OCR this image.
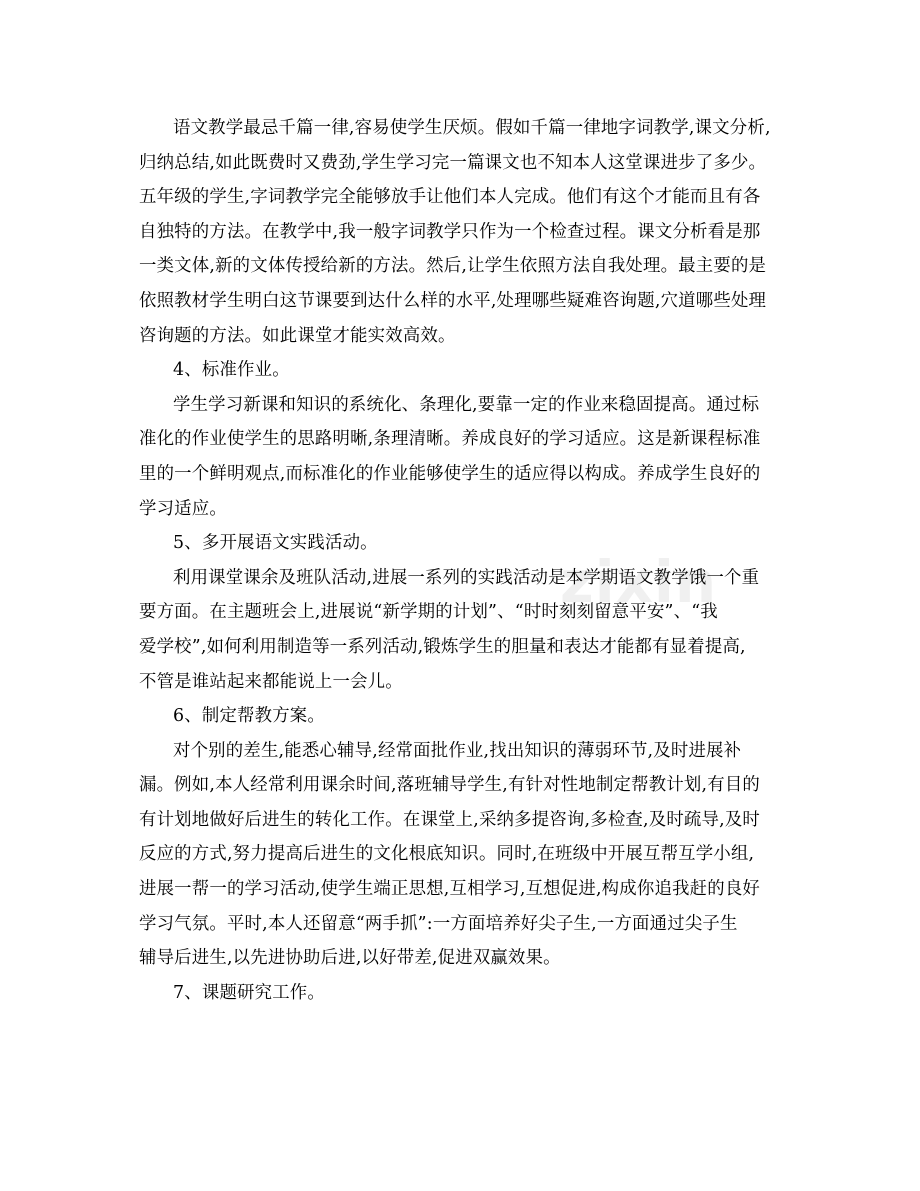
zixin
语文教学最忌千篇一律,容易使学生厌烦。假如千篇一律地字词教学,课文分析,
归纳总结,如此既费时又费劲,学生学习完一篇课文也不知本人这堂课进步了多少。
五年级的学生,字词教学完全能够放手让他们本人完成。他们有这个才能而且有各
自独特的方法。在教学中,我一般字词教学只作为一个检查过程。课文分析看是那
一类文体,新的文体传授给新的方法。然后,让学生依照方法自我处理。最主要的是
依照教材学生明白这节课要到达什么样的水平,处理哪些疑难咨询题,穴道哪些处理
咨询题的方法。如此课堂才能实效高效。
4、标准作业。
学生学习新课和知识的系统化、条理化,要靠一定的作业来稳固提高。通过标
准化的作业使学生的思路明晰,条理清晰。养成良好的学习适应。这是新课程标准
里的一个鲜明观点,而标准化的作业能够使学生的适应得以构成。养成学生良好的
学习适应。
5、多开展语文实践活动。
利用课堂课余及班队活动,进展一系列的实践活动是本学期语文教学饿一个重
要方面。在主题班会上,进展说“新学期的计划”、“时时刻刻留意平安”、“我
爱学校”,如何利用制造等一系列活动,锻炼学生的胆量和表达才能都有显着提高,
不管是谁站起来都能说上一会儿。
6、制定帮教方案。
对个别的差生,能悉心辅导,经常面批作业,找出知识的薄弱环节,及时进展补
漏。例如,本人经常利用课余时间,落班辅导学生,有针对性地制定帮教计划,有目的
有计划地做好后进生的转化工作。在课堂上,采纳多提咨询,多检查,及时疏导,及时
反应的方式,努力提高后进生的文化根底知识。同时,在班级中开展互帮互学小组,
进展一帮一的学习活动,使学生端正思想,互相学习,互想促进,构成你追我赶的良好
学习气氛。平时,本人还留意“两手抓”:一方面培养好尖子生,一方面通过尖子生
辅导后进生,以先进协助后进,以好带差,促进双赢效果。
7、课题研究工作。
